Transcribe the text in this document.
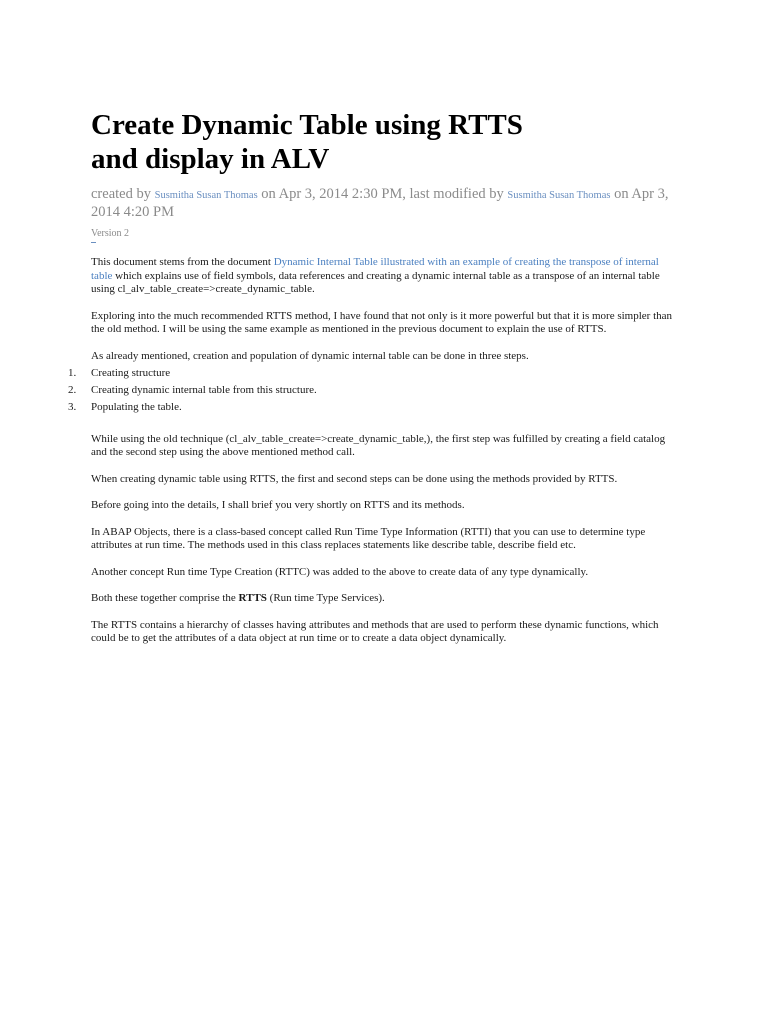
Create Dynamic Table using RTTS and display in ALV
created by Susmitha Susan Thomas on Apr 3, 2014 2:30 PM, last modified by Susmitha Susan Thomas on Apr 3, 2014 4:20 PM
Version 2

This document stems from the document Dynamic Internal Table illustrated with an example of creating the transpose of internal table which explains use of field symbols, data references and creating a dynamic internal table as a transpose of an internal table using cl_alv_table_create=>create_dynamic_table.

Exploring into the much recommended RTTS method, I have found that not only is it more powerful but that it is more simpler than the old method. I will be using the same example as mentioned in the previous document to explain the use of RTTS.

As already mentioned, creation and population of dynamic internal table can be done in three steps.

1. Creating structure
2. Creating dynamic internal table from this structure.
3. Populating the table.

While using the old technique (cl_alv_table_create=>create_dynamic_table,), the first step was fulfilled by creating a field catalog and the second step using the above mentioned method call.

When creating dynamic table using RTTS, the first and second steps can be done using the methods provided by RTTS.

Before going into the details, I shall brief you very shortly on RTTS and its methods.

In ABAP Objects, there is a class-based concept called Run Time Type Information (RTTI) that you can use to determine type attributes at run time. The methods used in this class replaces statements like describe table, describe field etc.

Another concept Run time Type Creation (RTTC) was added to the above to create data of any type dynamically.

Both these together comprise the RTTS (Run time Type Services).

The RTTS contains a hierarchy of classes having attributes and methods that are used to perform these dynamic functions, which could be to get the attributes of a data object at run time or to create a data object dynamically.
